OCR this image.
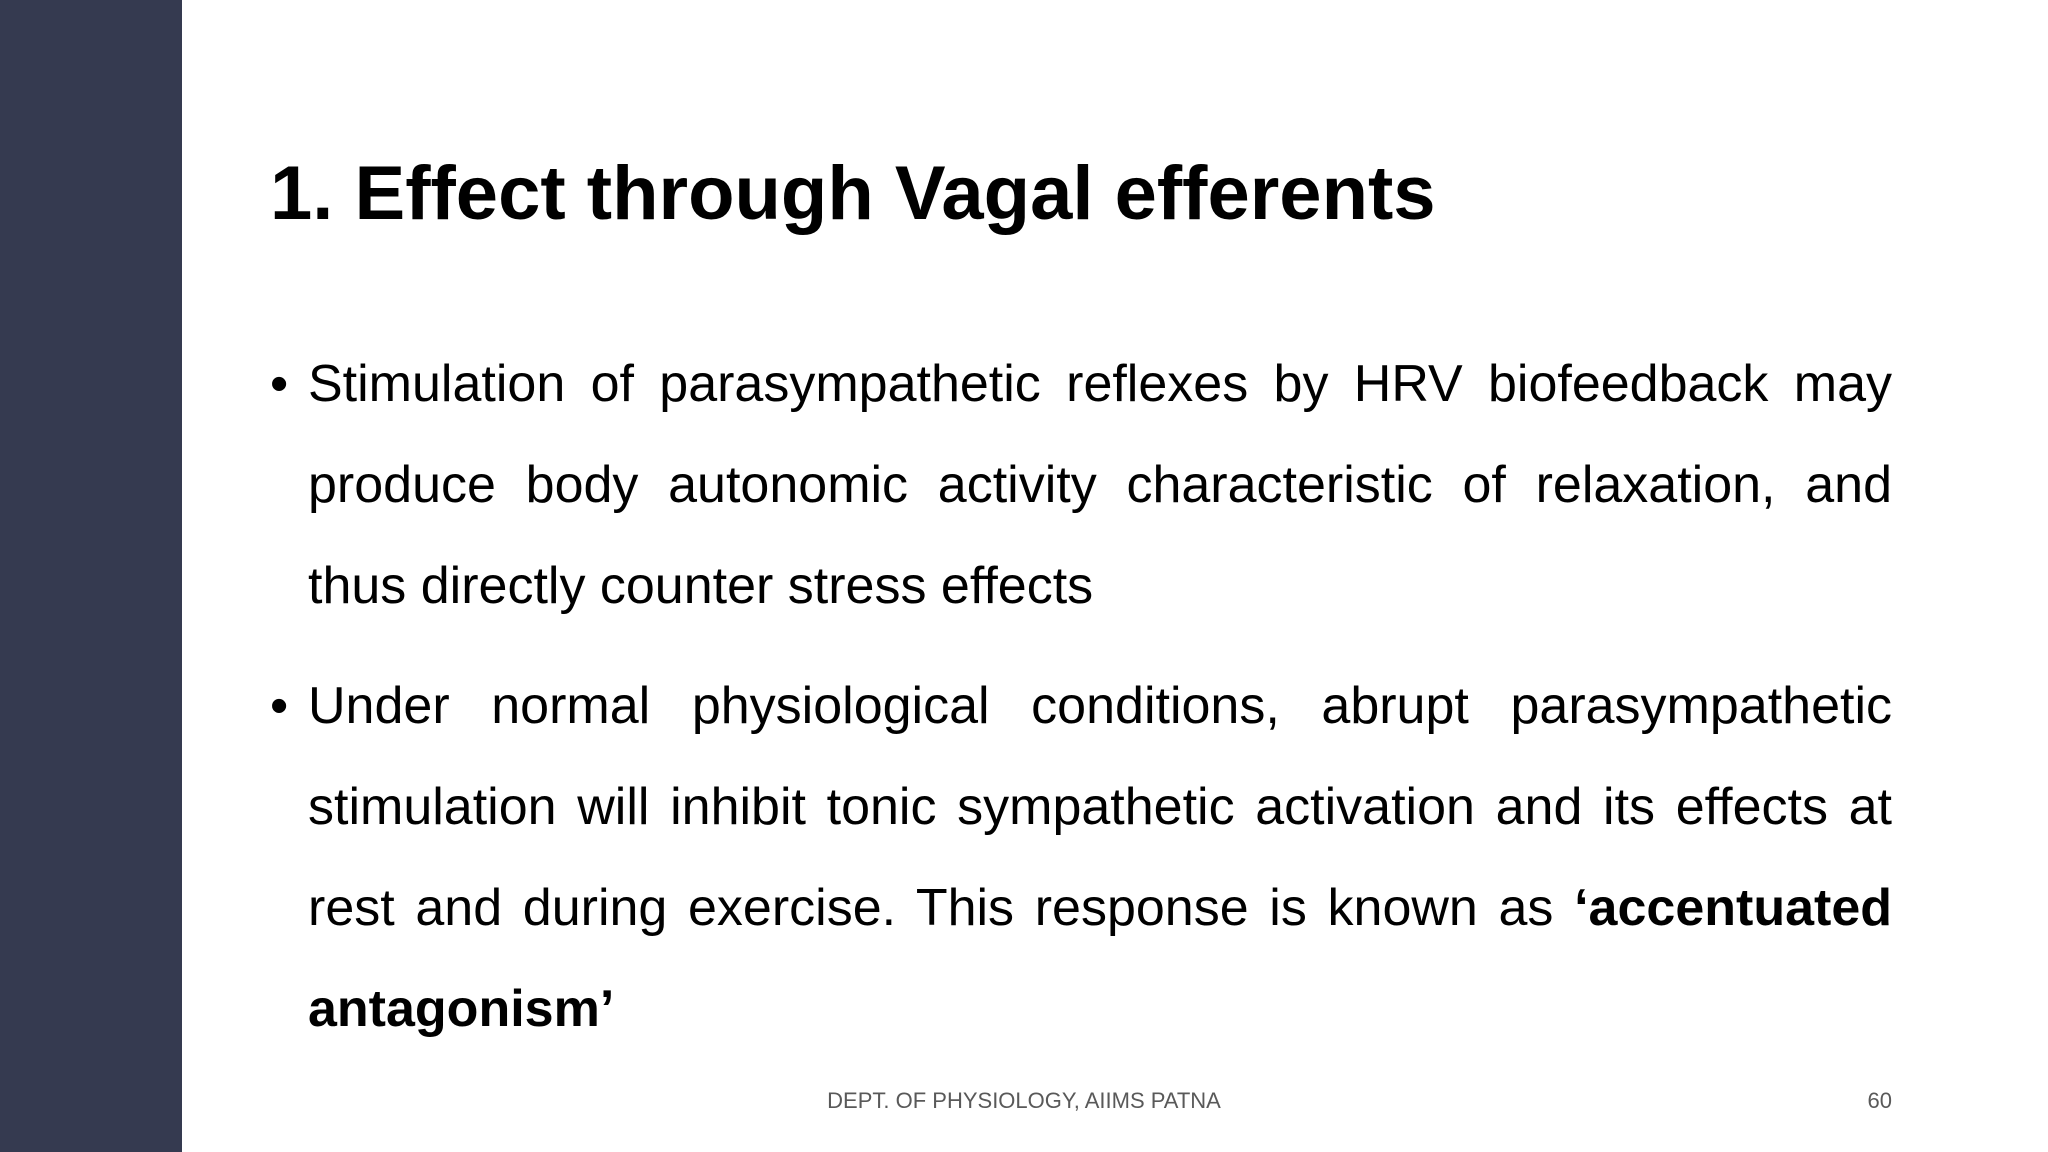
1. Effect through Vagal efferents
• Stimulation of parasympathetic reflexes by HRV biofeedback may produce body autonomic activity characteristic of relaxation, and thus directly counter stress effects
• Under normal physiological conditions, abrupt parasympathetic stimulation will inhibit tonic sympathetic activation and its effects at rest and during exercise. This response is known as ‘accentuated antagonism’
DEPT. OF PHYSIOLOGY, AIIMS PATNA	60
